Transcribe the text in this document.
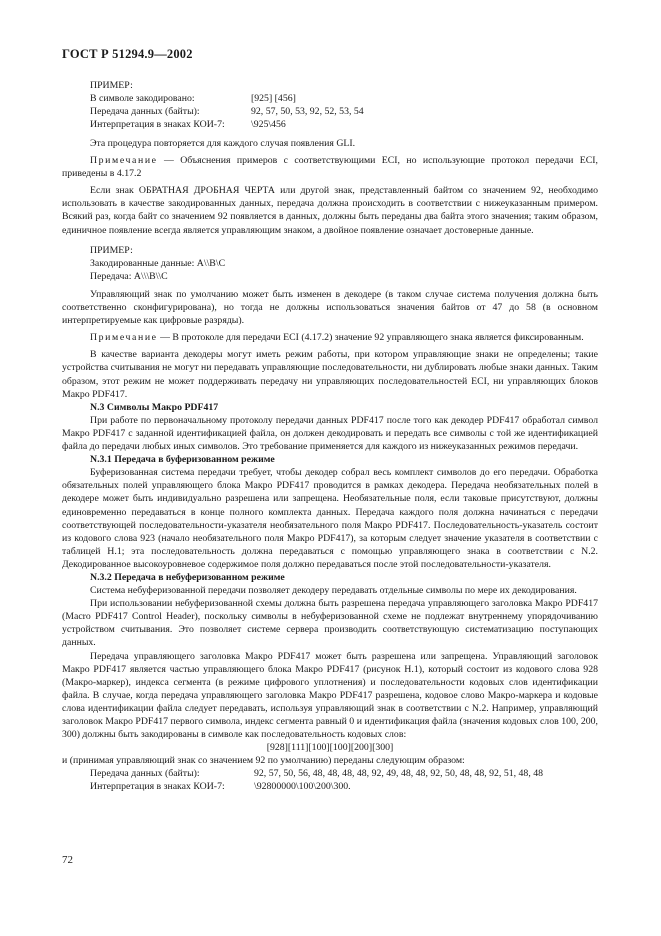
ГОСТ Р 51294.9—2002
ПРИМЕР:
В символе закодировано:	[925] [456]
Передача данных (байты):	92, 57, 50, 53, 92, 52, 53, 54
Интерпретация в знаках КОИ-7:	\925\456

Эта процедура повторяется для каждого случая появления GLI.

Примечание — Объяснения примеров с соответствующими ECI, но использующие протокол передачи ECI, приведены в 4.17.2

Если знак ОБРАТНАЯ ДРОБНАЯ ЧЕРТА или другой знак, представленный байтом со значением 92, необходимо использовать в качестве закодированных данных, передача должна происходить в соответствии с нижеуказанным примером. Всякий раз, когда байт со значением 92 появляется в данных, должны быть переданы два байта этого значения; таким образом, единичное появление всегда является управляющим знаком, а двойное появление означает достоверные данные.

ПРИМЕР:
Закодированные данные: A\\B\C
Передача: A\\\B\\C

Управляющий знак по умолчанию может быть изменен в декодере (в таком случае система получения должна быть соответственно сконфигурирована), но тогда не должны использоваться значения байтов от 47 до 58 (в основном интерпретируемые как цифровые разряды).

Примечание — В протоколе для передачи ECI (4.17.2) значение 92 управляющего знака является фиксированным.

В качестве варианта декодеры могут иметь режим работы, при котором управляющие знаки не определены; такие устройства считывания не могут ни передавать управляющие последовательности, ни дублировать любые знаки данных. Таким образом, этот режим не может поддерживать передачу ни управляющих последовательностей ECI, ни управляющих блоков Макро PDF417.

N.3 Символы Макро PDF417

При работе по первоначальному протоколу передачи данных PDF417 после того как декодер PDF417 обработал символ Макро PDF417 с заданной идентификацией файла, он должен декодировать и передать все символы с той же идентификацией файла до передачи любых иных символов. Это требование применяется для каждого из нижеуказанных режимов передачи.

N.3.1 Передача в буферизованном режиме

Буферизованная система передачи требует, чтобы декодер собрал весь комплект символов до его передачи. Обработка обязательных полей управляющего блока Макро PDF417 проводится в рамках декодера. Передача необязательных полей в декодере может быть индивидуально разрешена или запрещена. Необязательные поля, если таковые присутствуют, должны единовременно передаваться в конце полного комплекта данных. Передача каждого поля должна начинаться с передачи соответствующей последовательности-указателя необязательного поля Макро PDF417. Последовательность-указатель состоит из кодового слова 923 (начало необязательного поля Макро PDF417), за которым следует значение указателя в соответствии с таблицей H.1; эта последовательность должна передаваться с помощью управляющего знака в соответствии с N.2. Декодированное высокоуровневое содержимое поля должно передаваться после этой последовательности-указателя.

N.3.2 Передача в небуферизованном режиме

Система небуферизованной передачи позволяет декодеру передавать отдельные символы по мере их декодирования.

При использовании небуферизованной схемы должна быть разрешена передача управляющего заголовка Макро PDF417 (Macro PDF417 Control Header), поскольку символы в небуферизованной схеме не подлежат внутреннему упорядочиванию устройством считывания. Это позволяет системе сервера производить соответствующую систематизацию поступающих данных.

Передача управляющего заголовка Макро PDF417 может быть разрешена или запрещена. Управляющий заголовок Макро PDF417 является частью управляющего блока Макро PDF417 (рисунок H.1), который состоит из кодового слова 928 (Макро-маркер), индекса сегмента (в режиме цифрового уплотнения) и последовательности кодовых слов идентификации файла. В случае, когда передача управляющего заголовка Макро PDF417 разрешена, кодовое слово Макро-маркера и кодовые слова идентификации файла следует передавать, используя управляющий знак в соответствии с N.2. Например, управляющий заголовок Макро PDF417 первого символа, индекс сегмента равный 0 и идентификация файла (значения кодовых слов 100, 200, 300) должны быть закодированы в символе как последовательность кодовых слов:

[928][111][100][100][200][300]

и (принимая управляющий знак со значением 92 по умолчанию) переданы следующим образом:

Передача данных (байты):	92, 57, 50, 56, 48, 48, 48, 48, 92, 49, 48, 48, 92, 50, 48, 48, 92, 51, 48, 48
Интерпретация в знаках КОИ-7:	\92800000\100\200\300.
72
